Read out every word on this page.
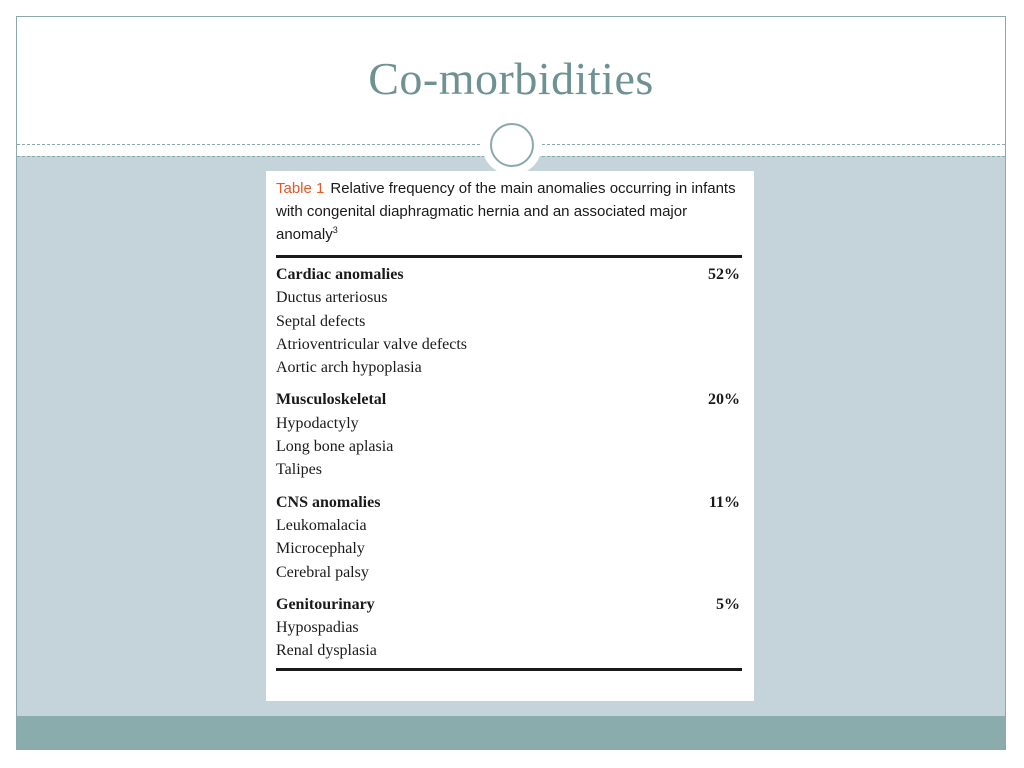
Co-morbidities

Table 1 Relative frequency of the main anomalies occurring in infants with congenital diaphragmatic hernia and an associated major anomaly$^3$

Cardiac anomalies	52%
Ductus arteriosus
Septal defects
Atrioventricular valve defects
Aortic arch hypoplasia
Musculoskeletal	20%
Hypodactyly
Long bone aplasia
Talipes
CNS anomalies	11%
Leukomalacia
Microcephaly
Cerebral palsy
Genitourinary	5%
Hypospadias
Renal dysplasia
